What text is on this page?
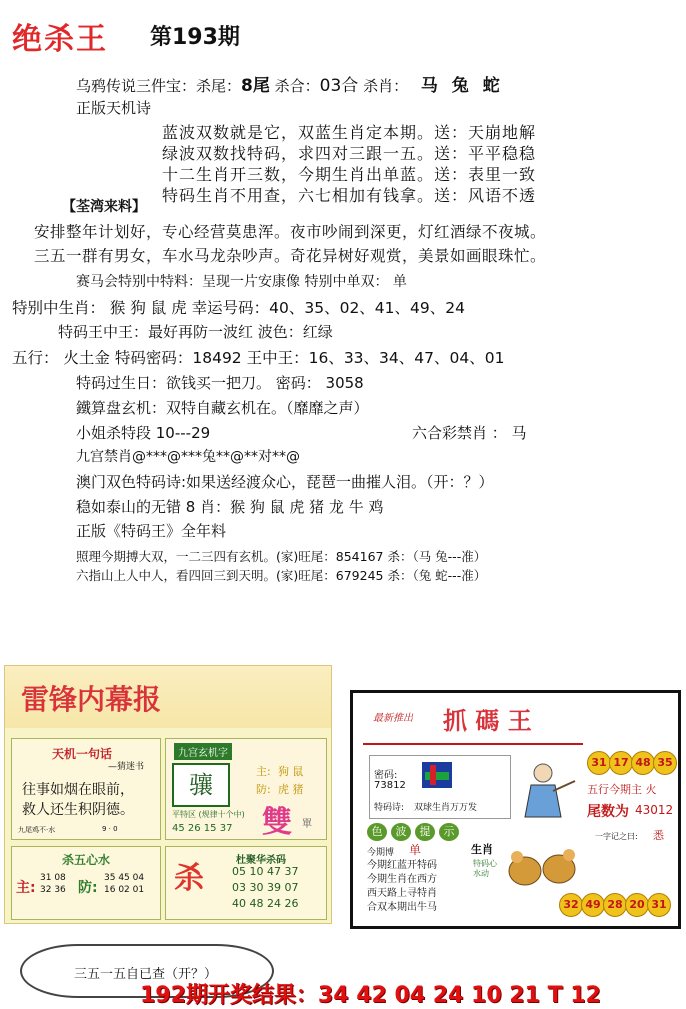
绝杀王 第193期
乌鸦传说三件宝：杀尾：8尾 杀合：03合 杀肖： 马 兔 蛇
正版天机诗
蓝波双数就是它，双蓝生肖定本期。送：天崩地解
绿波双数找特码，求四对三跟一五。送：平平稳稳
十二生肖开三数，今期生肖出单蓝。送：表里一致
特码生肖不用查，六七相加有钱拿。送：风语不透
【荃湾来料】
安排整年计划好，专心经营莫患浑。夜市吵闹到深更，灯红酒绿不夜城。
三五一群有男女，车水马龙杂吵声。奇花异树好观赏，美景如画眼珠忙。
赛马会特别中特料：呈现一片安康像 特别中单双： 单
特别中生肖： 猴 狗 鼠 虎 幸运号码：40、35、02、41、49、24
特码王中王：最好再防一波红 波色：红绿
五行： 火土金 特码密码：18492 王中王：16、33、34、47、04、01
特码过生日：欲钱买一把刀。 密码： 3058
鐵算盘玄机：双特自藏玄机在。（靡靡之声）
小姐杀特段 10---29	六合彩禁肖 ： 马
九宫禁肖@***@***兔**@**对**@
澳门双色特码诗:如果送经渡众心，琵琶一曲摧人泪。（开：？）
稳如泰山的无错 8 肖：猴 狗 鼠 虎 猪 龙 牛 鸡
正版《特码王》全年料
照理今期搏大双，一二三四有玄机。(家)旺尾：854167 杀：（马 兔---准）
六指山上人中人，看四回三到天明。(家)旺尾：679245 杀：（兔 蛇---准）
雷锋内幕报
天机一句话
—猜迷书
往事如烟在眼前，
救人还生积阴德。
九尾鸡不·水	9 · 0
九宫玄机字
骧	主: 狗 鼠
防: 虎 猪
雙 單
平特区 (规律十个中)
45 26 15 37
杀五心水
主:
31 08
32 36 防:
35 45 04
16 02 01 杀
杜聚华杀码
05 10 47 37
03 30 39 07
40 48 24 26
最新推出 抓 碼 王
31 17 48 35
密码:
73812
特码诗: 双球生肖万万发
五行今期主 火
尾数为 43012
一字记之曰: 悉
色	波	提	示
今期博 单	生肖
特码心水动
今期红蓝开特码
今期生肖在西方
西天路上寻特肖
合双本期出牛马	32 49 28 20 31
三五一五自已查（开？）
192期开奖结果：34 42 04 24 10 21 T 12
